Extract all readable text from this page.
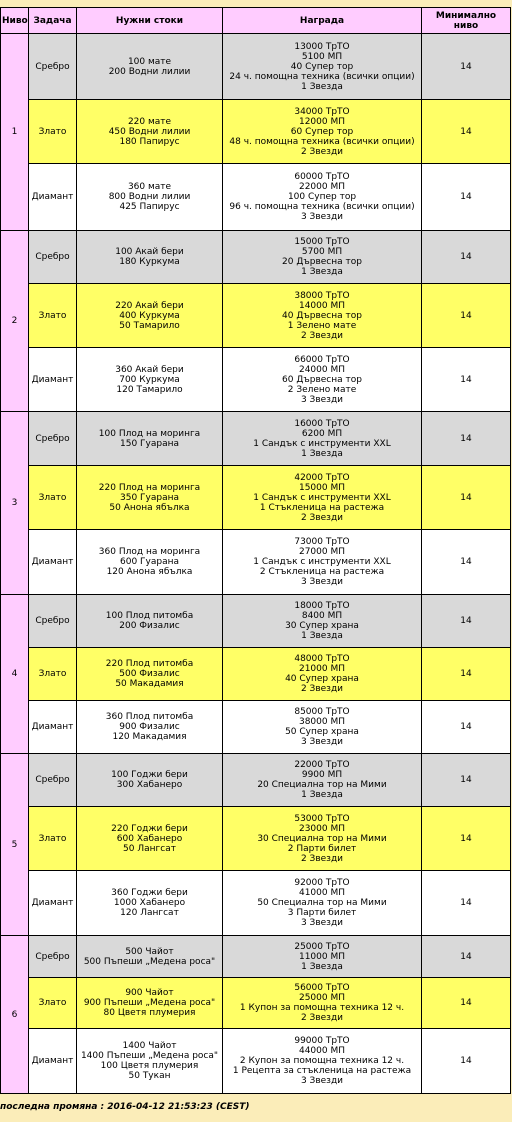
Ниво	Задача	Нужни стоки	Награда	Минимално ниво
1	Сребро	100 мате
200 Водни лилии	13000 ТрТО
5100 МП
40 Супер тор
24 ч. помощна техника (всички опции)
1 Звезда	14
	Злато	220 мате
450 Водни лилии
180 Папирус	34000 ТрТО
12000 МП
60 Супер тор
48 ч. помощна техника (всички опции)
2 Звезди	14
	Диамант	360 мате
800 Водни лилии
425 Папирус	60000 ТрТО
22000 МП
100 Супер тор
96 ч. помощна техника (всички опции)
3 Звезди	14
2	Сребро	100 Акай бери
180 Куркума	15000 ТрТО
5700 МП
20 Дървесна тор
1 Звезда	14
	Злато	220 Акай бери
400 Куркума
50 Тамарило	38000 ТрТО
14000 МП
40 Дървесна тор
1 Зелено мате
2 Звезди	14
	Диамант	360 Акай бери
700 Куркума
120 Тамарило	66000 ТрТО
24000 МП
60 Дървесна тор
2 Зелено мате
3 Звезди	14
3	Сребро	100 Плод на моринга
150 Гуарана	16000 ТрТО
6200 МП
1 Сандък с инструменти XXL
1 Звезда	14
	Злато	220 Плод на моринга
350 Гуарана
50 Анона ябълка	42000 ТрТО
15000 МП
1 Сандък с инструменти XXL
1 Стъкленица на растежа
2 Звезди	14
	Диамант	360 Плод на моринга
600 Гуарана
120 Анона ябълка	73000 ТрТО
27000 МП
1 Сандък с инструменти XXL
2 Стъкленица на растежа
3 Звезди	14
4	Сребро	100 Плод питомба
200 Физалис	18000 ТрТО
8400 МП
30 Супер храна
1 Звезда	14
	Злато	220 Плод питомба
500 Физалис
50 Макадамия	48000 ТрТО
21000 МП
40 Супер храна
2 Звезди	14
	Диамант	360 Плод питомба
900 Физалис
120 Макадамия	85000 ТрТО
38000 МП
50 Супер храна
3 Звезди	14
5	Сребро	100 Годжи бери
300 Хабанеро	22000 ТрТО
9900 МП
20 Специална тор на Мими
1 Звезда	14
	Злато	220 Годжи бери
600 Хабанеро
50 Лангсат	53000 ТрТО
23000 МП
30 Специална тор на Мими
2 Парти билет
2 Звезди	14
	Диамант	360 Годжи бери
1000 Хабанеро
120 Лангсат	92000 ТрТО
41000 МП
50 Специална тор на Мими
3 Парти билет
3 Звезди	14
6	Сребро	500 Чайот
500 Пъпеши „Медена роса"	25000 ТрТО
11000 МП
1 Звезда	14
	Злато	900 Чайот
900 Пъпеши „Медена роса"
80 Цветя плумерия	56000 ТрТО
25000 МП
1 Купон за помощна техника 12 ч.
2 Звезди	14
	Диамант	1400 Чайот
1400 Пъпеши „Медена роса"
100 Цветя плумерия
50 Тукан	99000 ТрТО
44000 МП
2 Купон за помощна техника 12 ч.
1 Рецепта за стъкленица на растежа
3 Звезди	14
последна промяна : 2016-04-12 21:53:23 (CEST)
